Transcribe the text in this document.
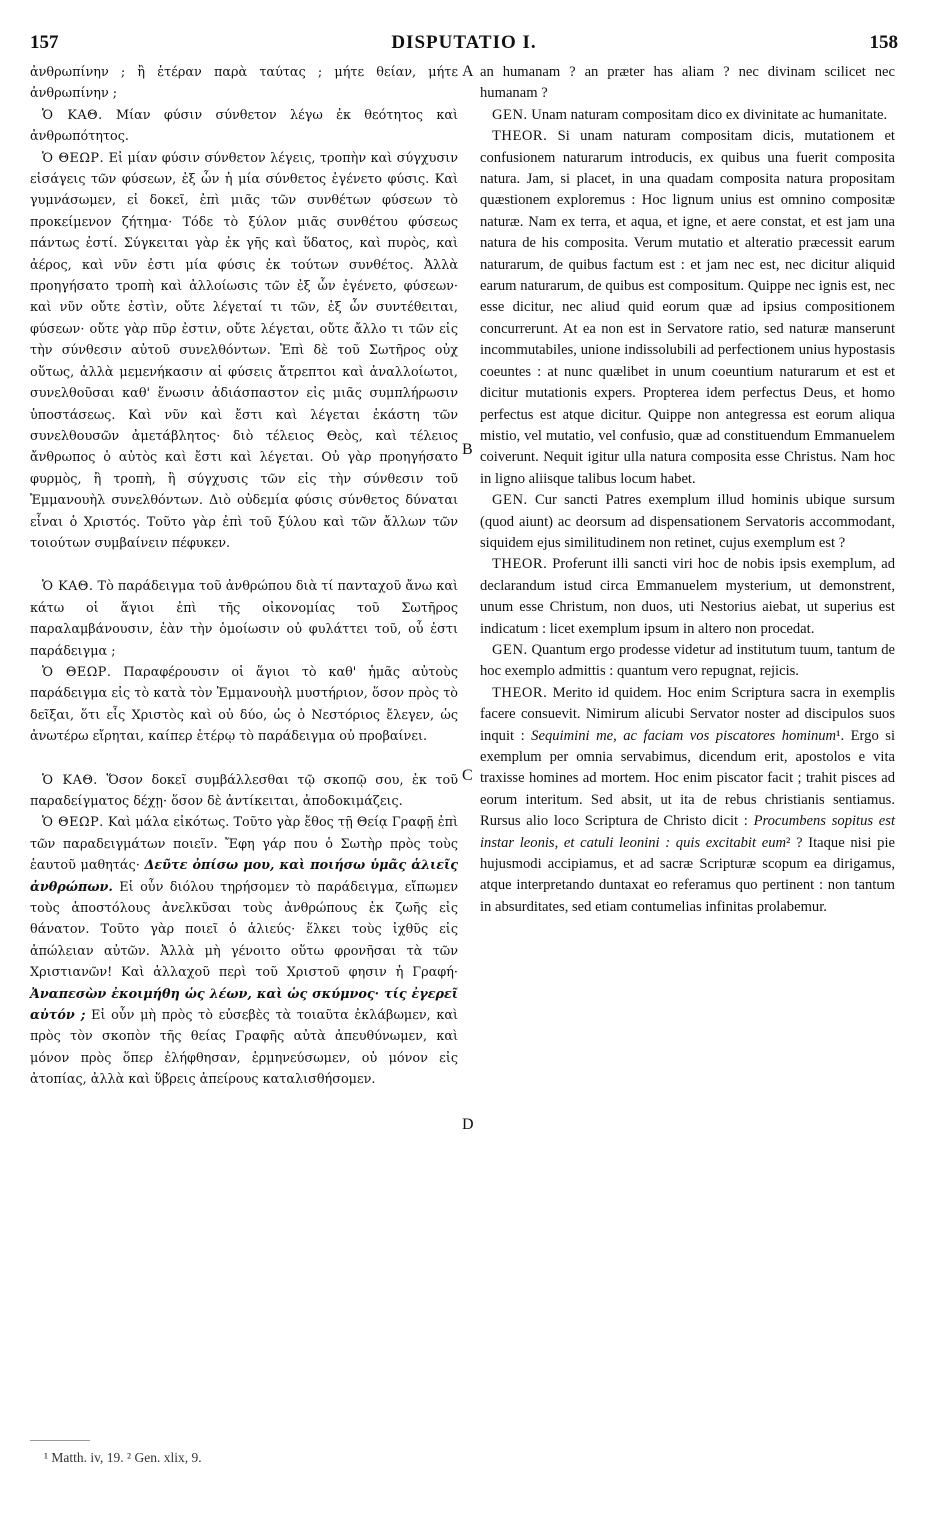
157	DISPUTATIO I.	158

ἀνθρωπίνην ; ἢ ἑτέραν παρὰ ταύτας ; μήτε θείαν, μήτε ἀνθρωπίνην ;

Ὁ ΚΑΘ. Μίαν φύσιν σύνθετον λέγω ἐκ θεότητος καὶ ἀνθρωπότητος.

Ὁ ΘΕΩΡ. Εἰ μίαν φύσιν σύνθετον λέγεις, τροπὴν καὶ σύγχυσιν εἰσάγεις τῶν φύσεων, ἐξ ὧν ἡ μία σύνθετος ἐγένετο φύσις. Καὶ γυμνάσωμεν, εἰ δοκεῖ, ἐπὶ μιᾶς τῶν συνθέτων φύσεων τὸ προκείμενον ζήτημα· Τόδε τὸ ξύλον μιᾶς συνθέτου φύσεως πάντως ἐστί. Σύγκειται γὰρ ἐκ γῆς καὶ ὕδατος, καὶ πυρὸς, καὶ ἀέρος, καὶ νῦν ἐστι μία φύσις ἐκ τούτων συνθέτος. Ἀλλὰ προηγήσατο τροπὴ καὶ ἀλλοίωσις τῶν ἐξ ὧν ἐγένετο, φύσεων· καὶ νῦν οὔτε ἐστὶν, οὔτε λέγεταί τι τῶν, ἐξ ὧν συντέθειται, φύσεων· οὔτε γὰρ πῦρ ἐστιν, οὔτε λέγεται, οὔτε ἄλλο τι τῶν εἰς τὴν σύνθεσιν αὐτοῦ συνελθόντων. Ἐπὶ δὲ τοῦ Σωτῆρος οὐχ οὕτως, ἀλλὰ μεμενήκασιν αἱ φύσεις ἄτρεπτοι καὶ ἀναλλοίωτοι, συνελθοῦσαι καθ' ἕνωσιν ἀδιάσπαστον εἰς μιᾶς συμπλήρωσιν ὑποστάσεως. Καὶ νῦν καὶ ἔστι καὶ λέγεται ἑκάστη τῶν συνελθουσῶν ἀμετάβλητος· διὸ τέλειος Θεὸς, καὶ τέλειος ἄνθρωπος ὁ αὐτὸς καὶ ἔστι καὶ λέγεται. Οὐ γὰρ προηγήσατο φυρμὸς, ἢ τροπὴ, ἢ σύγχυσις τῶν εἰς τὴν σύνθεσιν τοῦ Ἐμμανουὴλ συνελθόντων. Διὸ οὐδεμία φύσις σύνθετος δύναται εἶναι ὁ Χριστός. Τοῦτο γὰρ ἐπὶ τοῦ ξύλου καὶ τῶν ἄλλων τῶν τοιούτων συμβαίνειν πέφυκεν.

Ὁ ΚΑΘ. Τὸ παράδειγμα τοῦ ἀνθρώπου διὰ τί πανταχοῦ ἄνω καὶ κάτω οἱ ἅγιοι ἐπὶ τῆς οἰκονομίας τοῦ Σωτῆρος παραλαμβάνουσιν, ἐὰν τὴν ὁμοίωσιν οὐ φυλάττει τοῦ, οὗ ἐστι παράδειγμα ;

Ὁ ΘΕΩΡ. Παραφέρουσιν οἱ ἅγιοι τὸ καθ' ἡμᾶς αὐτοὺς παράδειγμα εἰς τὸ κατὰ τὸν Ἐμμανουὴλ μυστήριον, ὅσον πρὸς τὸ δεῖξαι, ὅτι εἷς Χριστὸς καὶ οὐ δύο, ὡς ὁ Νεστόριος ἔλεγεν, ὡς ἀνωτέρω εἴρηται, καίπερ ἑτέρῳ τὸ παράδειγμα οὐ προβαίνει.

Ὁ ΚΑΘ. Ὅσον δοκεῖ συμβάλλεσθαι τῷ σκοπῷ σου, ἐκ τοῦ παραδείγματος δέχῃ· ὅσον δὲ ἀντίκειται, ἀποδοκιμάζεις.

Ὁ ΘΕΩΡ. Καὶ μάλα εἰκότως. Τοῦτο γὰρ ἔθος τῇ Θείᾳ Γραφῇ ἐπὶ τῶν παραδειγμάτων ποιεῖν. Ἔφη γάρ που ὁ Σωτὴρ πρὸς τοὺς ἑαυτοῦ μαθητάς· Δεῦτε ὀπίσω μου, καὶ ποιήσω ὑμᾶς ἁλιεῖς ἀνθρώπων. Εἰ οὖν διόλου τηρήσομεν τὸ παράδειγμα, εἴπωμεν τοὺς ἀποστόλους ἀνελκῦσαι τοὺς ἀνθρώπους ἐκ ζωῆς εἰς θάνατον. Τοῦτο γὰρ ποιεῖ ὁ ἁλιεύς· ἕλκει τοὺς ἰχθῦς εἰς ἀπώλειαν αὐτῶν. Ἀλλὰ μὴ γένοιτο οὕτω φρονῆσαι τὰ τῶν Χριστιανῶν! Καὶ ἀλλαχοῦ περὶ τοῦ Χριστοῦ φησιν ἡ Γραφή· Ἀναπεσὼν ἐκοιμήθη ὡς λέων, καὶ ὡς σκύμνος· τίς ἐγερεῖ αὐτόν ; Εἰ οὖν μὴ πρὸς τὸ εὐσεβὲς τὰ τοιαῦτα ἐκλάβωμεν, καὶ πρὸς τὸν σκοπὸν τῆς θείας Γραφῆς αὐτὰ ἀπευθύνωμεν, καὶ μόνον πρὸς ὅπερ ἐλήφθησαν, ἑρμηνεύσωμεν, οὐ μόνον εἰς ἀτοπίας, ἀλλὰ καὶ ὕβρεις ἀπείρους καταλισθήσομεν.

A
B
C
D

an humanam ? an præter has aliam ? nec divinam scilicet nec humanam ?

GEN. Unam naturam compositam dico ex divinitate ac humanitate.

THEOR. Si unam naturam compositam dicis, mutationem et confusionem naturarum introducis, ex quibus una fuerit composita natura. Jam, si placet, in una quadam composita natura propositam quæstionem exploremus : Hoc lignum unius est omnino compositæ naturæ. Nam ex terra, et aqua, et igne, et aere constat, et est jam una natura de his composita. Verum mutatio et alteratio præcessit earum naturarum, de quibus factum est : et jam nec est, nec dicitur aliquid earum naturarum, de quibus est compositum. Quippe nec ignis est, nec esse dicitur, nec aliud quid eorum quæ ad ipsius compositionem concurrerunt. At ea non est in Servatore ratio, sed naturæ manserunt incommutabiles, unione indissolubili ad perfectionem unius hypostasis coeuntes : at nunc quælibet in unum coeuntium naturarum et est et dicitur mutationis expers. Propterea idem perfectus Deus, et homo perfectus est atque dicitur. Quippe non antegressa est eorum aliqua mistio, vel mutatio, vel confusio, quæ ad constituendum Emmanuelem coiverunt. Nequit igitur ulla natura composita esse Christus. Nam hoc in ligno aliisque talibus locum habet.

GEN. Cur sancti Patres exemplum illud hominis ubique sursum (quod aiunt) ac deorsum ad dispensationem Servatoris accommodant, siquidem ejus similitudinem non retinet, cujus exemplum est ?

THEOR. Proferunt illi sancti viri hoc de nobis ipsis exemplum, ad declarandum istud circa Emmanuelem mysterium, ut demonstrent, unum esse Christum, non duos, uti Nestorius aiebat, ut superius est indicatum : licet exemplum ipsum in altero non procedat.

GEN. Quantum ergo prodesse videtur ad institutum tuum, tantum de hoc exemplo admittis : quantum vero repugnat, rejicis.

THEOR. Merito id quidem. Hoc enim Scriptura sacra in exemplis facere consuevit. Nimirum alicubi Servator noster ad discipulos suos inquit : Sequimini me, ac faciam vos piscatores hominum¹. Ergo si exemplum per omnia servabimus, dicendum erit, apostolos e vita traxisse homines ad mortem. Hoc enim piscator facit ; trahit pisces ad eorum interitum. Sed absit, ut ita de rebus christianis sentiamus. Rursus alio loco Scriptura de Christo dicit : Procumbens sopitus est instar leonis, et catuli leonini : quis excitabit eum² ? Itaque nisi pie hujusmodi accipiamus, et ad sacræ Scripturæ scopum ea dirigamus, atque interpretando duntaxat eo referamus quo pertinent : non tantum in absurditates, sed etiam contumelias infinitas prolabemur.

¹ Matth. iv, 19. ² Gen. xlix, 9.
